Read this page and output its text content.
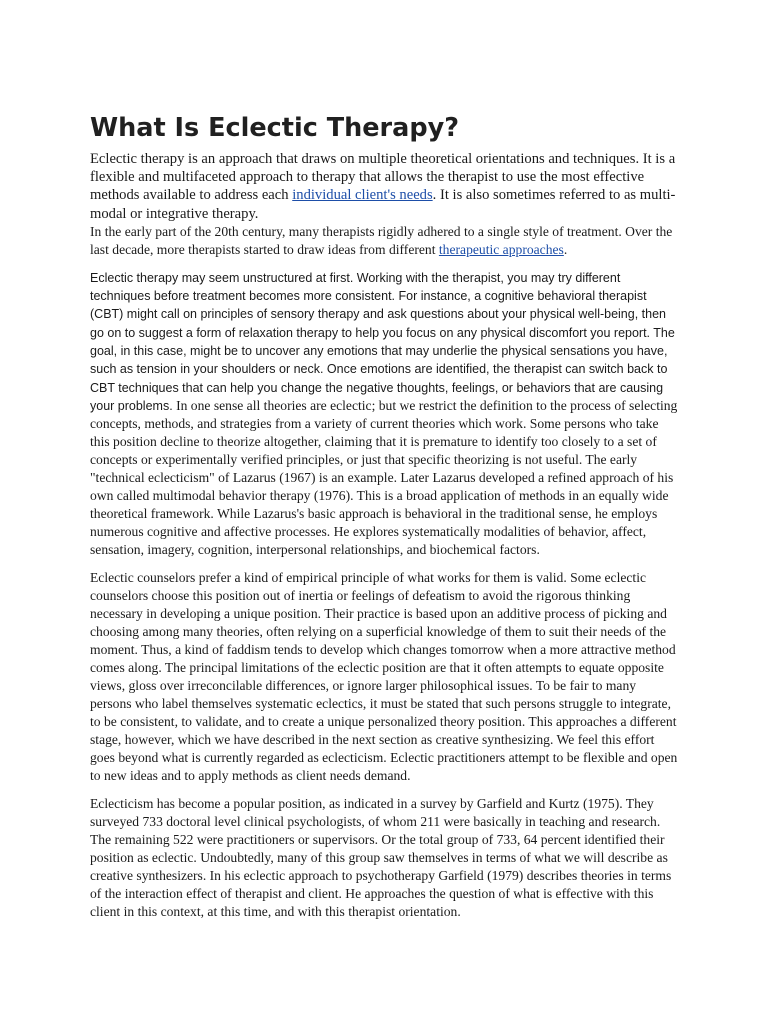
What Is Eclectic Therapy?

Eclectic therapy is an approach that draws on multiple theoretical orientations and techniques. It is a flexible and multifaceted approach to therapy that allows the therapist to use the most effective methods available to address each individual client's needs. It is also sometimes referred to as multi-modal or integrative therapy.

In the early part of the 20th century, many therapists rigidly adhered to a single style of treatment. Over the last decade, more therapists started to draw ideas from different therapeutic approaches.

Eclectic therapy may seem unstructured at first. Working with the therapist, you may try different techniques before treatment becomes more consistent. For instance, a cognitive behavioral therapist (CBT) might call on principles of sensory therapy and ask questions about your physical well-being, then go on to suggest a form of relaxation therapy to help you focus on any physical discomfort you report. The goal, in this case, might be to uncover any emotions that may underlie the physical sensations you have, such as tension in your shoulders or neck. Once emotions are identified, the therapist can switch back to CBT techniques that can help you change the negative thoughts, feelings, or behaviors that are causing your problems. In one sense all theories are eclectic; but we restrict the definition to the process of selecting concepts, methods, and strategies from a variety of current theories which work. Some persons who take this position decline to theorize altogether, claiming that it is premature to identify too closely to a set of concepts or experimentally verified principles, or just that specific theorizing is not useful. The early "technical eclecticism" of Lazarus (1967) is an example. Later Lazarus developed a refined approach of his own called multimodal behavior therapy (1976). This is a broad application of methods in an equally wide theoretical framework. While Lazarus's basic approach is behavioral in the traditional sense, he employs numerous cognitive and affective processes. He explores systematically modalities of behavior, affect, sensation, imagery, cognition, interpersonal relationships, and biochemical factors.

Eclectic counselors prefer a kind of empirical principle of what works for them is valid. Some eclectic counselors choose this position out of inertia or feelings of defeatism to avoid the rigorous thinking necessary in developing a unique position. Their practice is based upon an additive process of picking and choosing among many theories, often relying on a superficial knowledge of them to suit their needs of the moment. Thus, a kind of faddism tends to develop which changes tomorrow when a more attractive method comes along. The principal limitations of the eclectic position are that it often attempts to equate opposite views, gloss over irreconcilable differences, or ignore larger philosophical issues. To be fair to many persons who label themselves systematic eclectics, it must be stated that such persons struggle to integrate, to be consistent, to validate, and to create a unique personalized theory position. This approaches a different stage, however, which we have described in the next section as creative synthesizing. We feel this effort goes beyond what is currently regarded as eclecticism. Eclectic practitioners attempt to be flexible and open to new ideas and to apply methods as client needs demand.

Eclecticism has become a popular position, as indicated in a survey by Garfield and Kurtz (1975). They surveyed 733 doctoral level clinical psychologists, of whom 211 were basically in teaching and research. The remaining 522 were practitioners or supervisors. Or the total group of 733, 64 percent identified their position as eclectic. Undoubtedly, many of this group saw themselves in terms of what we will describe as creative synthesizers. In his eclectic approach to psychotherapy Garfield (1979) describes theories in terms of the interaction effect of therapist and client. He approaches the question of what is effective with this client in this context, at this time, and with this therapist orientation.
